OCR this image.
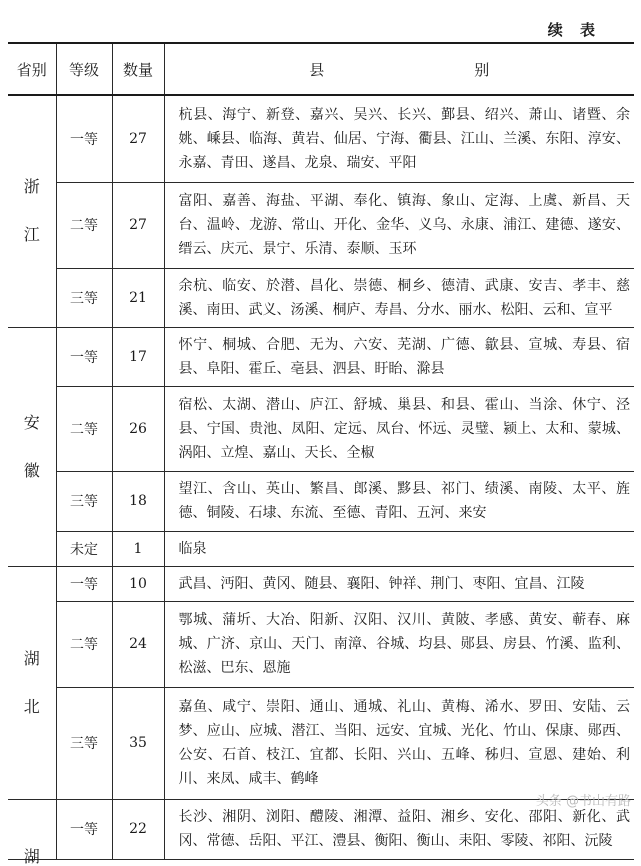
续 表
省别	等级	数量	县 别

浙
江	一等	27	杭县、海宁、新登、嘉兴、吴兴、长兴、鄞县、绍兴、萧山、诸暨、余姚、嵊县、临海、黄岩、仙居、宁海、衢县、江山、兰溪、东阳、淳安、永嘉、青田、遂昌、龙泉、瑞安、平阳
	二等	27	富阳、嘉善、海盐、平湖、奉化、镇海、象山、定海、上虞、新昌、天台、温岭、龙游、常山、开化、金华、义乌、永康、浦江、建德、遂安、缙云、庆元、景宁、乐清、泰顺、玉环
	三等	21	余杭、临安、於潜、昌化、崇德、桐乡、德清、武康、安吉、孝丰、慈溪、南田、武义、汤溪、桐庐、寿昌、分水、丽水、松阳、云和、宣平

安
徽	一等	17	怀宁、桐城、合肥、无为、六安、芜湖、广德、歙县、宣城、寿县、宿县、阜阳、霍丘、亳县、泗县、盱眙、滁县
	二等	26	宿松、太湖、潜山、庐江、舒城、巢县、和县、霍山、当涂、休宁、泾县、宁国、贵池、凤阳、定远、凤台、怀远、灵璧、颍上、太和、蒙城、涡阳、立煌、嘉山、天长、全椒
	三等	18	望江、含山、英山、繁昌、郎溪、黟县、祁门、绩溪、南陵、太平、旌德、铜陵、石埭、东流、至德、青阳、五河、来安
	未定	1	临泉

湖
北	一等	10	武昌、沔阳、黄冈、随县、襄阳、钟祥、荆门、枣阳、宜昌、江陵
	二等	24	鄂城、蒲圻、大冶、阳新、汉阳、汉川、黄陂、孝感、黄安、蕲春、麻城、广济、京山、天门、南漳、谷城、均县、郧县、房县、竹溪、监利、松滋、巴东、恩施
	三等	35	嘉鱼、咸宁、崇阳、通山、通城、礼山、黄梅、浠水、罗田、安陆、云梦、应山、应城、潜江、当阳、远安、宜城、光化、竹山、保康、郧西、公安、石首、枝江、宜都、长阳、兴山、五峰、秭归、宣恩、建始、利川、来凤、咸丰、鹤峰

湖	一等	22	长沙、湘阴、浏阳、醴陵、湘潭、益阳、湘乡、安化、邵阳、新化、武冈、常德、岳阳、平江、澧县、衡阳、衡山、耒阳、零陵、祁阳、沅陵
头条 @书山有路
